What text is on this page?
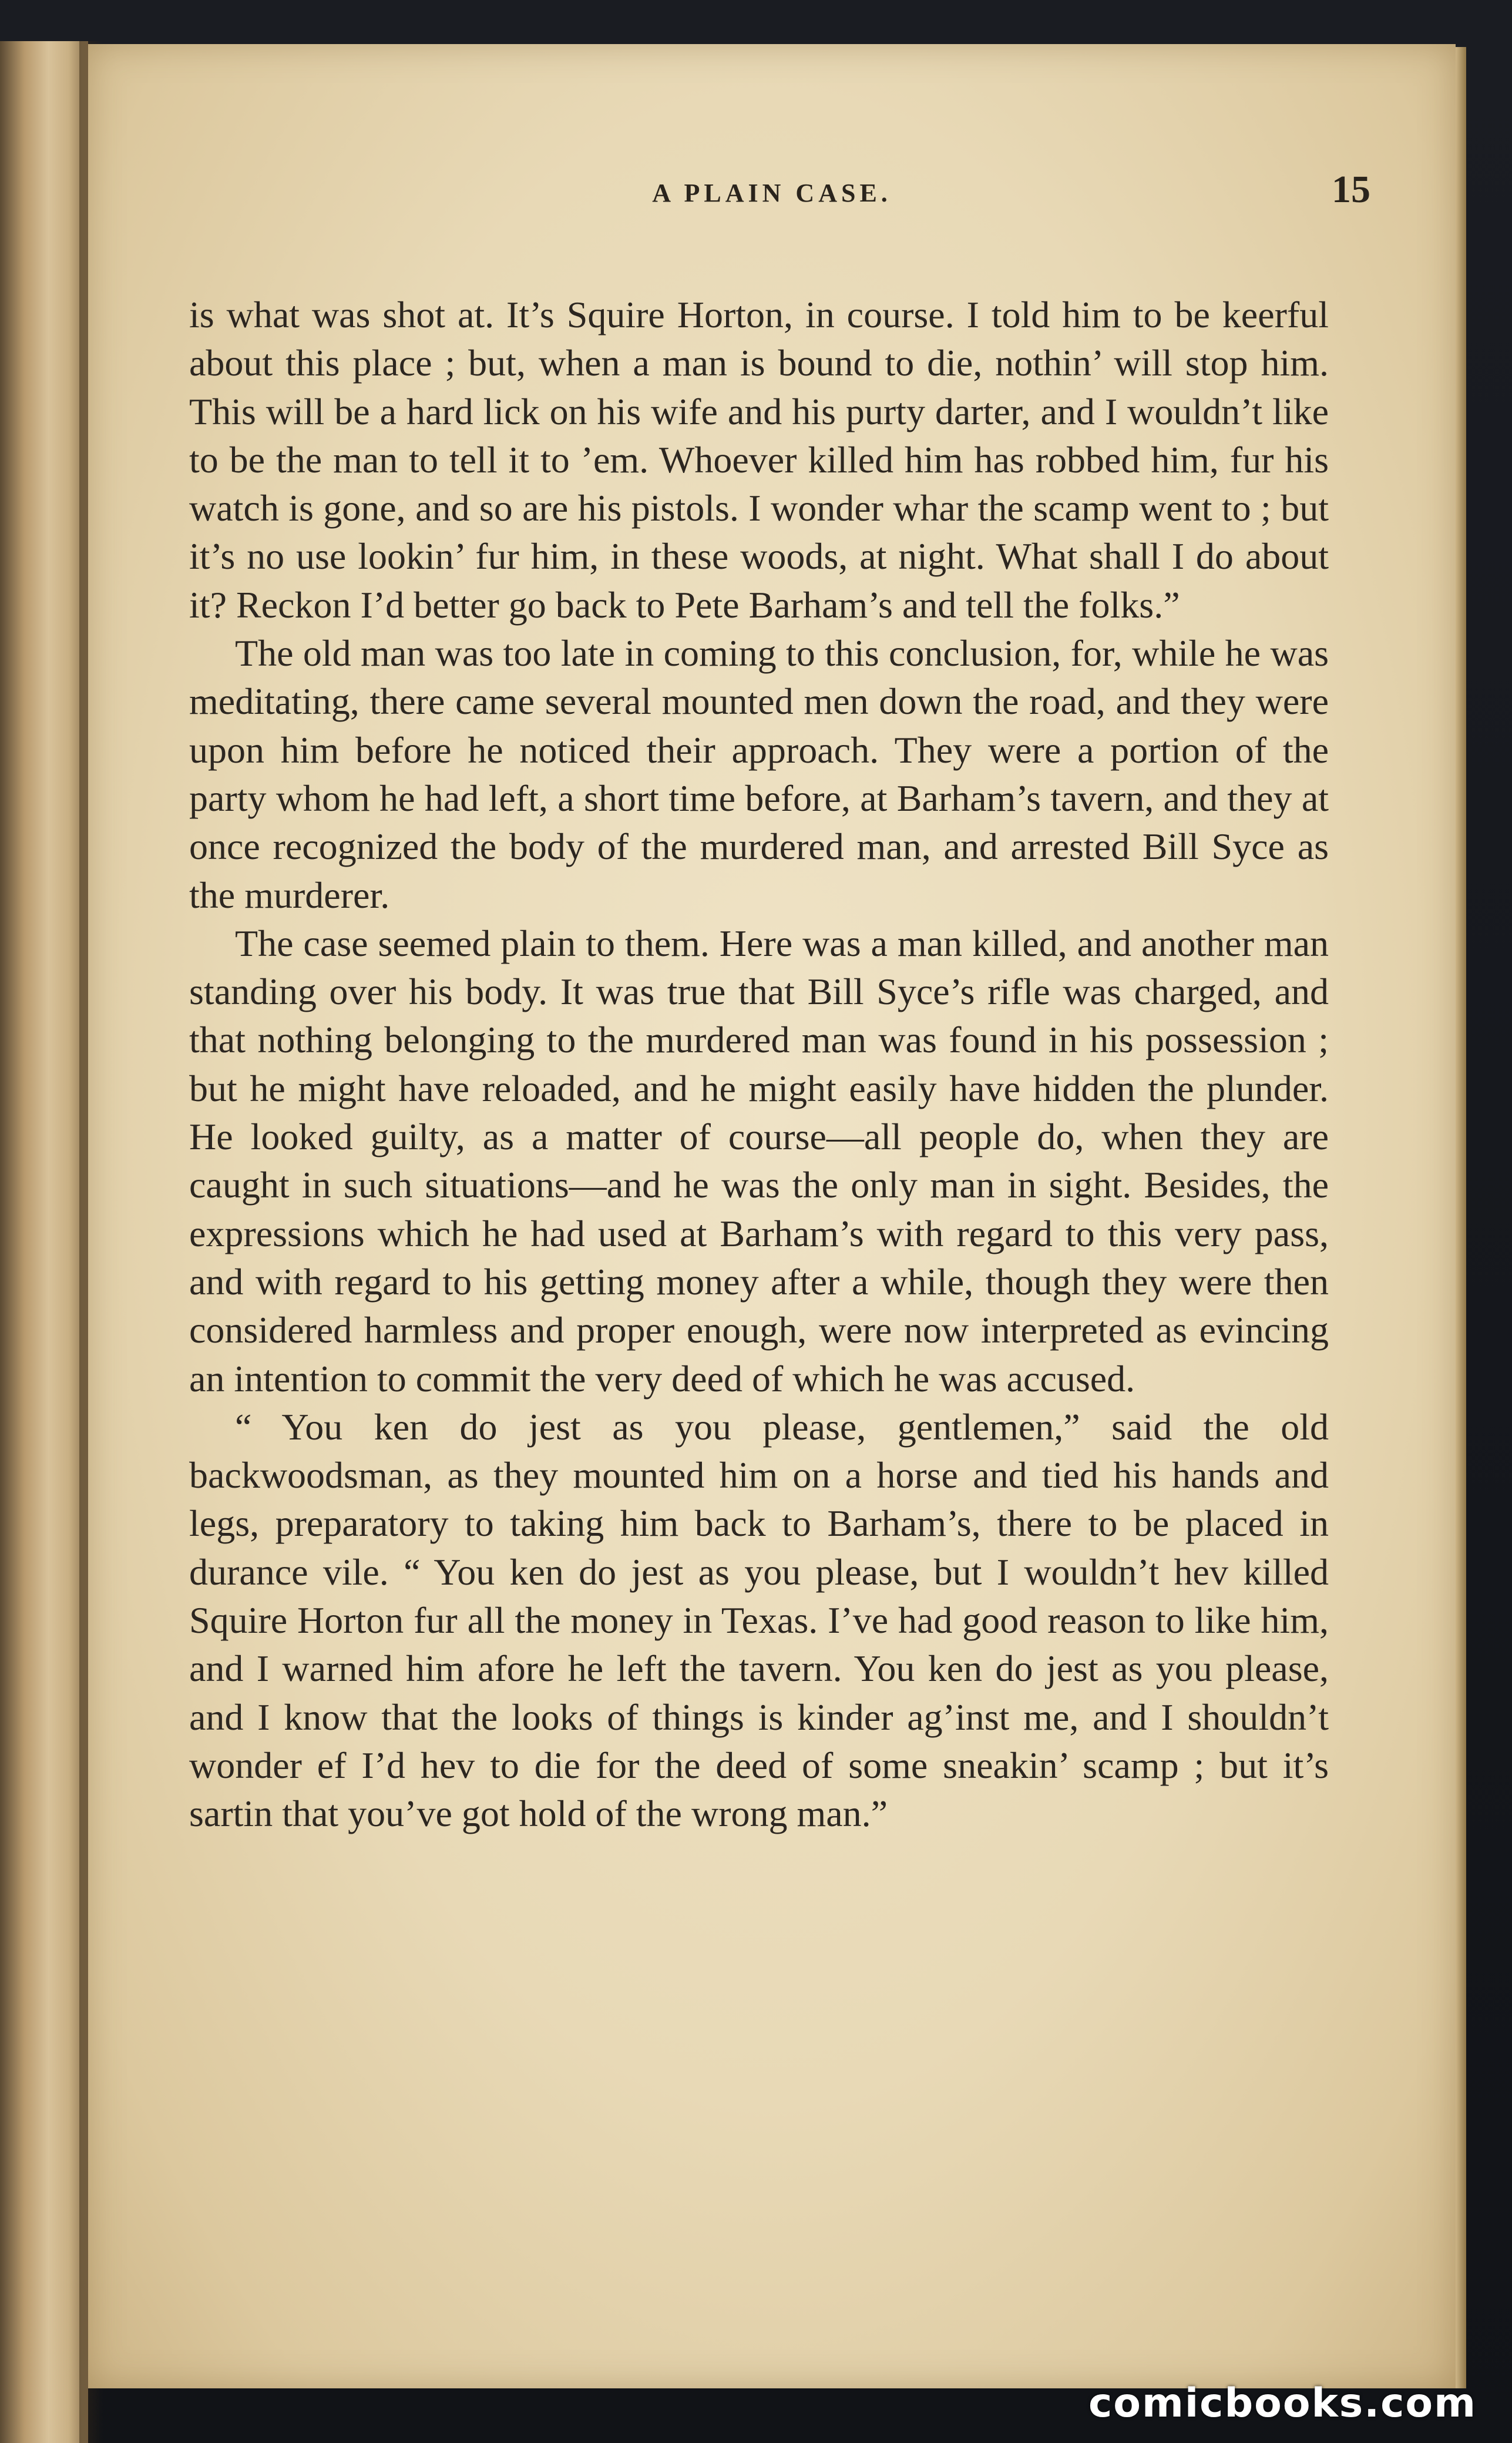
A PLAIN CASE.	15

is what was shot at. It’s Squire Horton, in course. I told him to be keerful about this place ; but, when a man is bound to die, nothin’ will stop him. This will be a hard lick on his wife and his purty darter, and I wouldn’t like to be the man to tell it to ’em. Whoever killed him has robbed him, fur his watch is gone, and so are his pistols. I wonder whar the scamp went to ; but it’s no use lookin’ fur him, in these woods, at night. What shall I do about it? Reckon I’d better go back to Pete Barham’s and tell the folks.”

The old man was too late in coming to this conclusion, for, while he was meditating, there came several mounted men down the road, and they were upon him before he noticed their approach. They were a portion of the party whom he had left, a short time before, at Barham’s tavern, and they at once recognized the body of the murdered man, and arrested Bill Syce as the murderer.

The case seemed plain to them. Here was a man killed, and another man standing over his body. It was true that Bill Syce’s rifle was charged, and that nothing belonging to the murdered man was found in his possession ; but he might have reloaded, and he might easily have hidden the plunder. He looked guilty, as a matter of course—all people do, when they are caught in such situations—and he was the only man in sight. Besides, the expressions which he had used at Barham’s with regard to this very pass, and with regard to his getting money after a while, though they were then considered harmless and proper enough, were now interpreted as evincing an intention to commit the very deed of which he was accused.

“ You ken do jest as you please, gentlemen,” said the old backwoodsman, as they mounted him on a horse and tied his hands and legs, preparatory to taking him back to Barham’s, there to be placed in durance vile. “ You ken do jest as you please, but I wouldn’t hev killed Squire Horton fur all the money in Texas. I’ve had good reason to like him, and I warned him afore he left the tavern. You ken do jest as you please, and I know that the looks of things is kinder ag’inst me, and I shouldn’t wonder ef I’d hev to die for the deed of some sneakin’ scamp ; but it’s sartin that you’ve got hold of the wrong man.”

comicbooks.com
